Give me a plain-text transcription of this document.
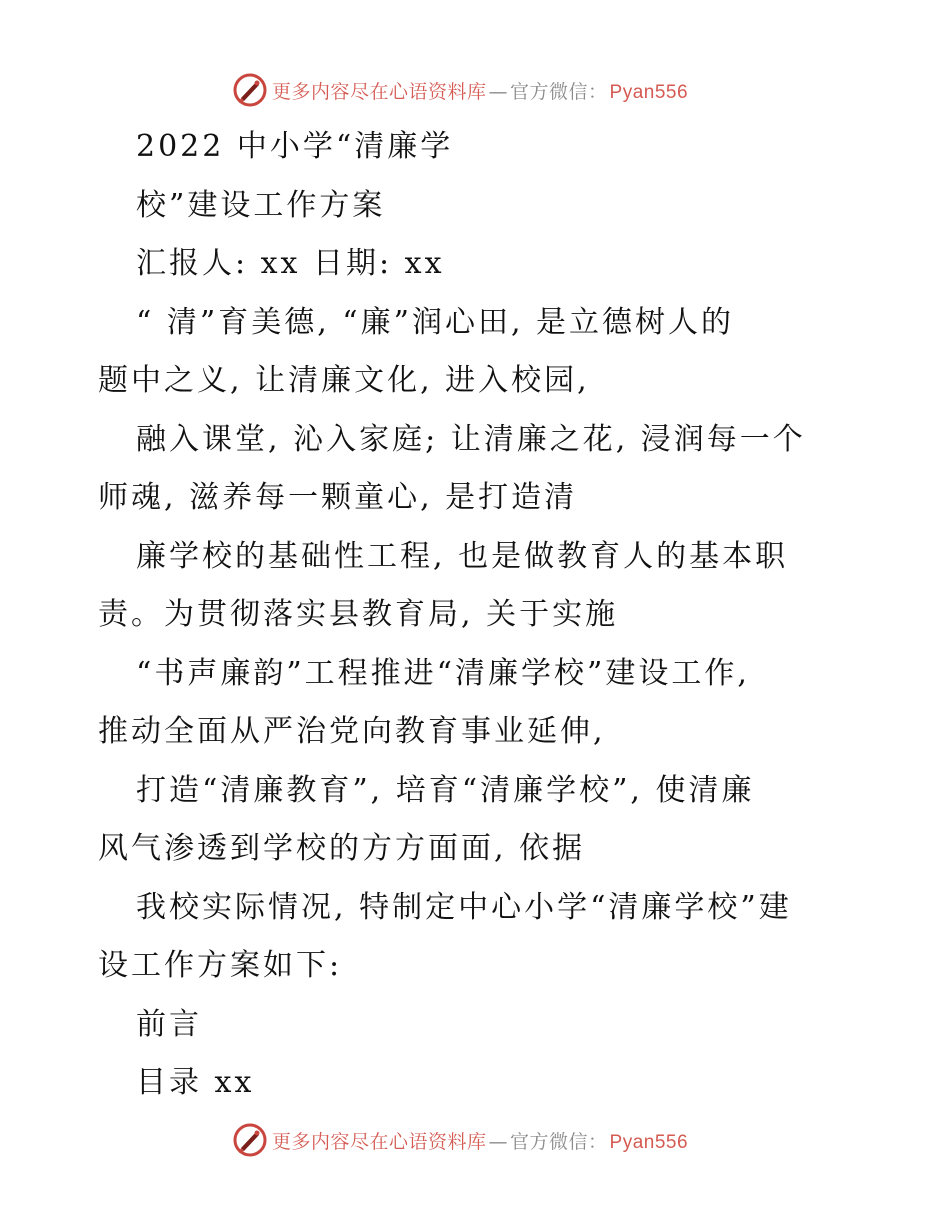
更多内容尽在心语资料库 — 官方微信： Pyan556
2022 中小学“清廉学
校”建设工作方案
汇报人: xx 日期: xx
“ 清”育美德, “廉”润心田, 是立德树人的
题中之义, 让清廉文化, 进入校园,
融入课堂, 沁入家庭; 让清廉之花, 浸润每一个
师魂, 滋养每一颗童心, 是打造清
廉学校的基础性工程, 也是做教育人的基本职
责。为贯彻落实县教育局, 关于实施
“书声廉韵”工程推进“清廉学校”建设工作,
推动全面从严治党向教育事业延伸,
打造“清廉教育”, 培育“清廉学校”, 使清廉
风气渗透到学校的方方面面, 依据
我校实际情况, 特制定中心小学“清廉学校”建
设工作方案如下:
前言
目录 xx
更多内容尽在心语资料库 — 官方微信： Pyan556
